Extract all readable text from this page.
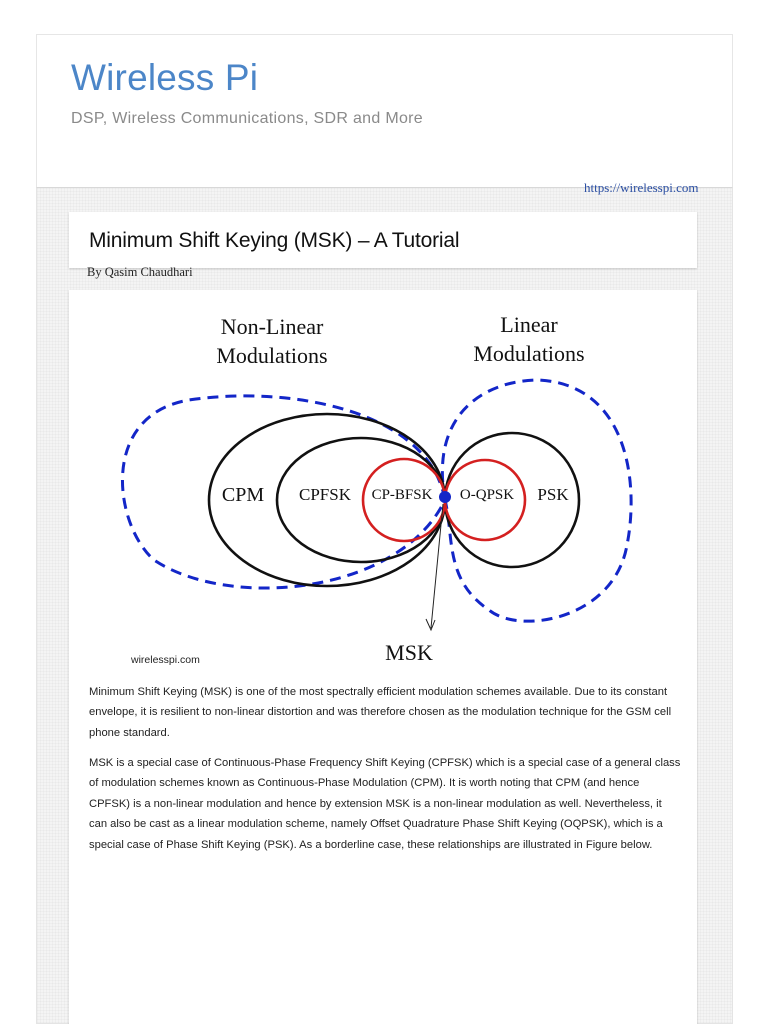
Wireless Pi
DSP, Wireless Communications, SDR and More
https://wirelesspi.com
Minimum Shift Keying (MSK) – A Tutorial
By Qasim Chaudhari
Non-Linear
Modulations
Linear
Modulations
CPM CPFSK CP-BFSK O-QPSK PSK
MSK
wirelesspi.com

Minimum Shift Keying (MSK) is one of the most spectrally efficient modulation schemes available. Due to its constant envelope, it is resilient to non-linear distortion and was therefore chosen as the modulation technique for the GSM cell phone standard.

MSK is a special case of Continuous-Phase Frequency Shift Keying (CPFSK) which is a special case of a general class of modulation schemes known as Continuous-Phase Modulation (CPM). It is worth noting that CPM (and hence CPFSK) is a non-linear modulation and hence by extension MSK is a non-linear modulation as well. Nevertheless, it can also be cast as a linear modulation scheme, namely Offset Quadrature Phase Shift Keying (OQPSK), which is a special case of Phase Shift Keying (PSK). As a borderline case, these relationships are illustrated in Figure below.
